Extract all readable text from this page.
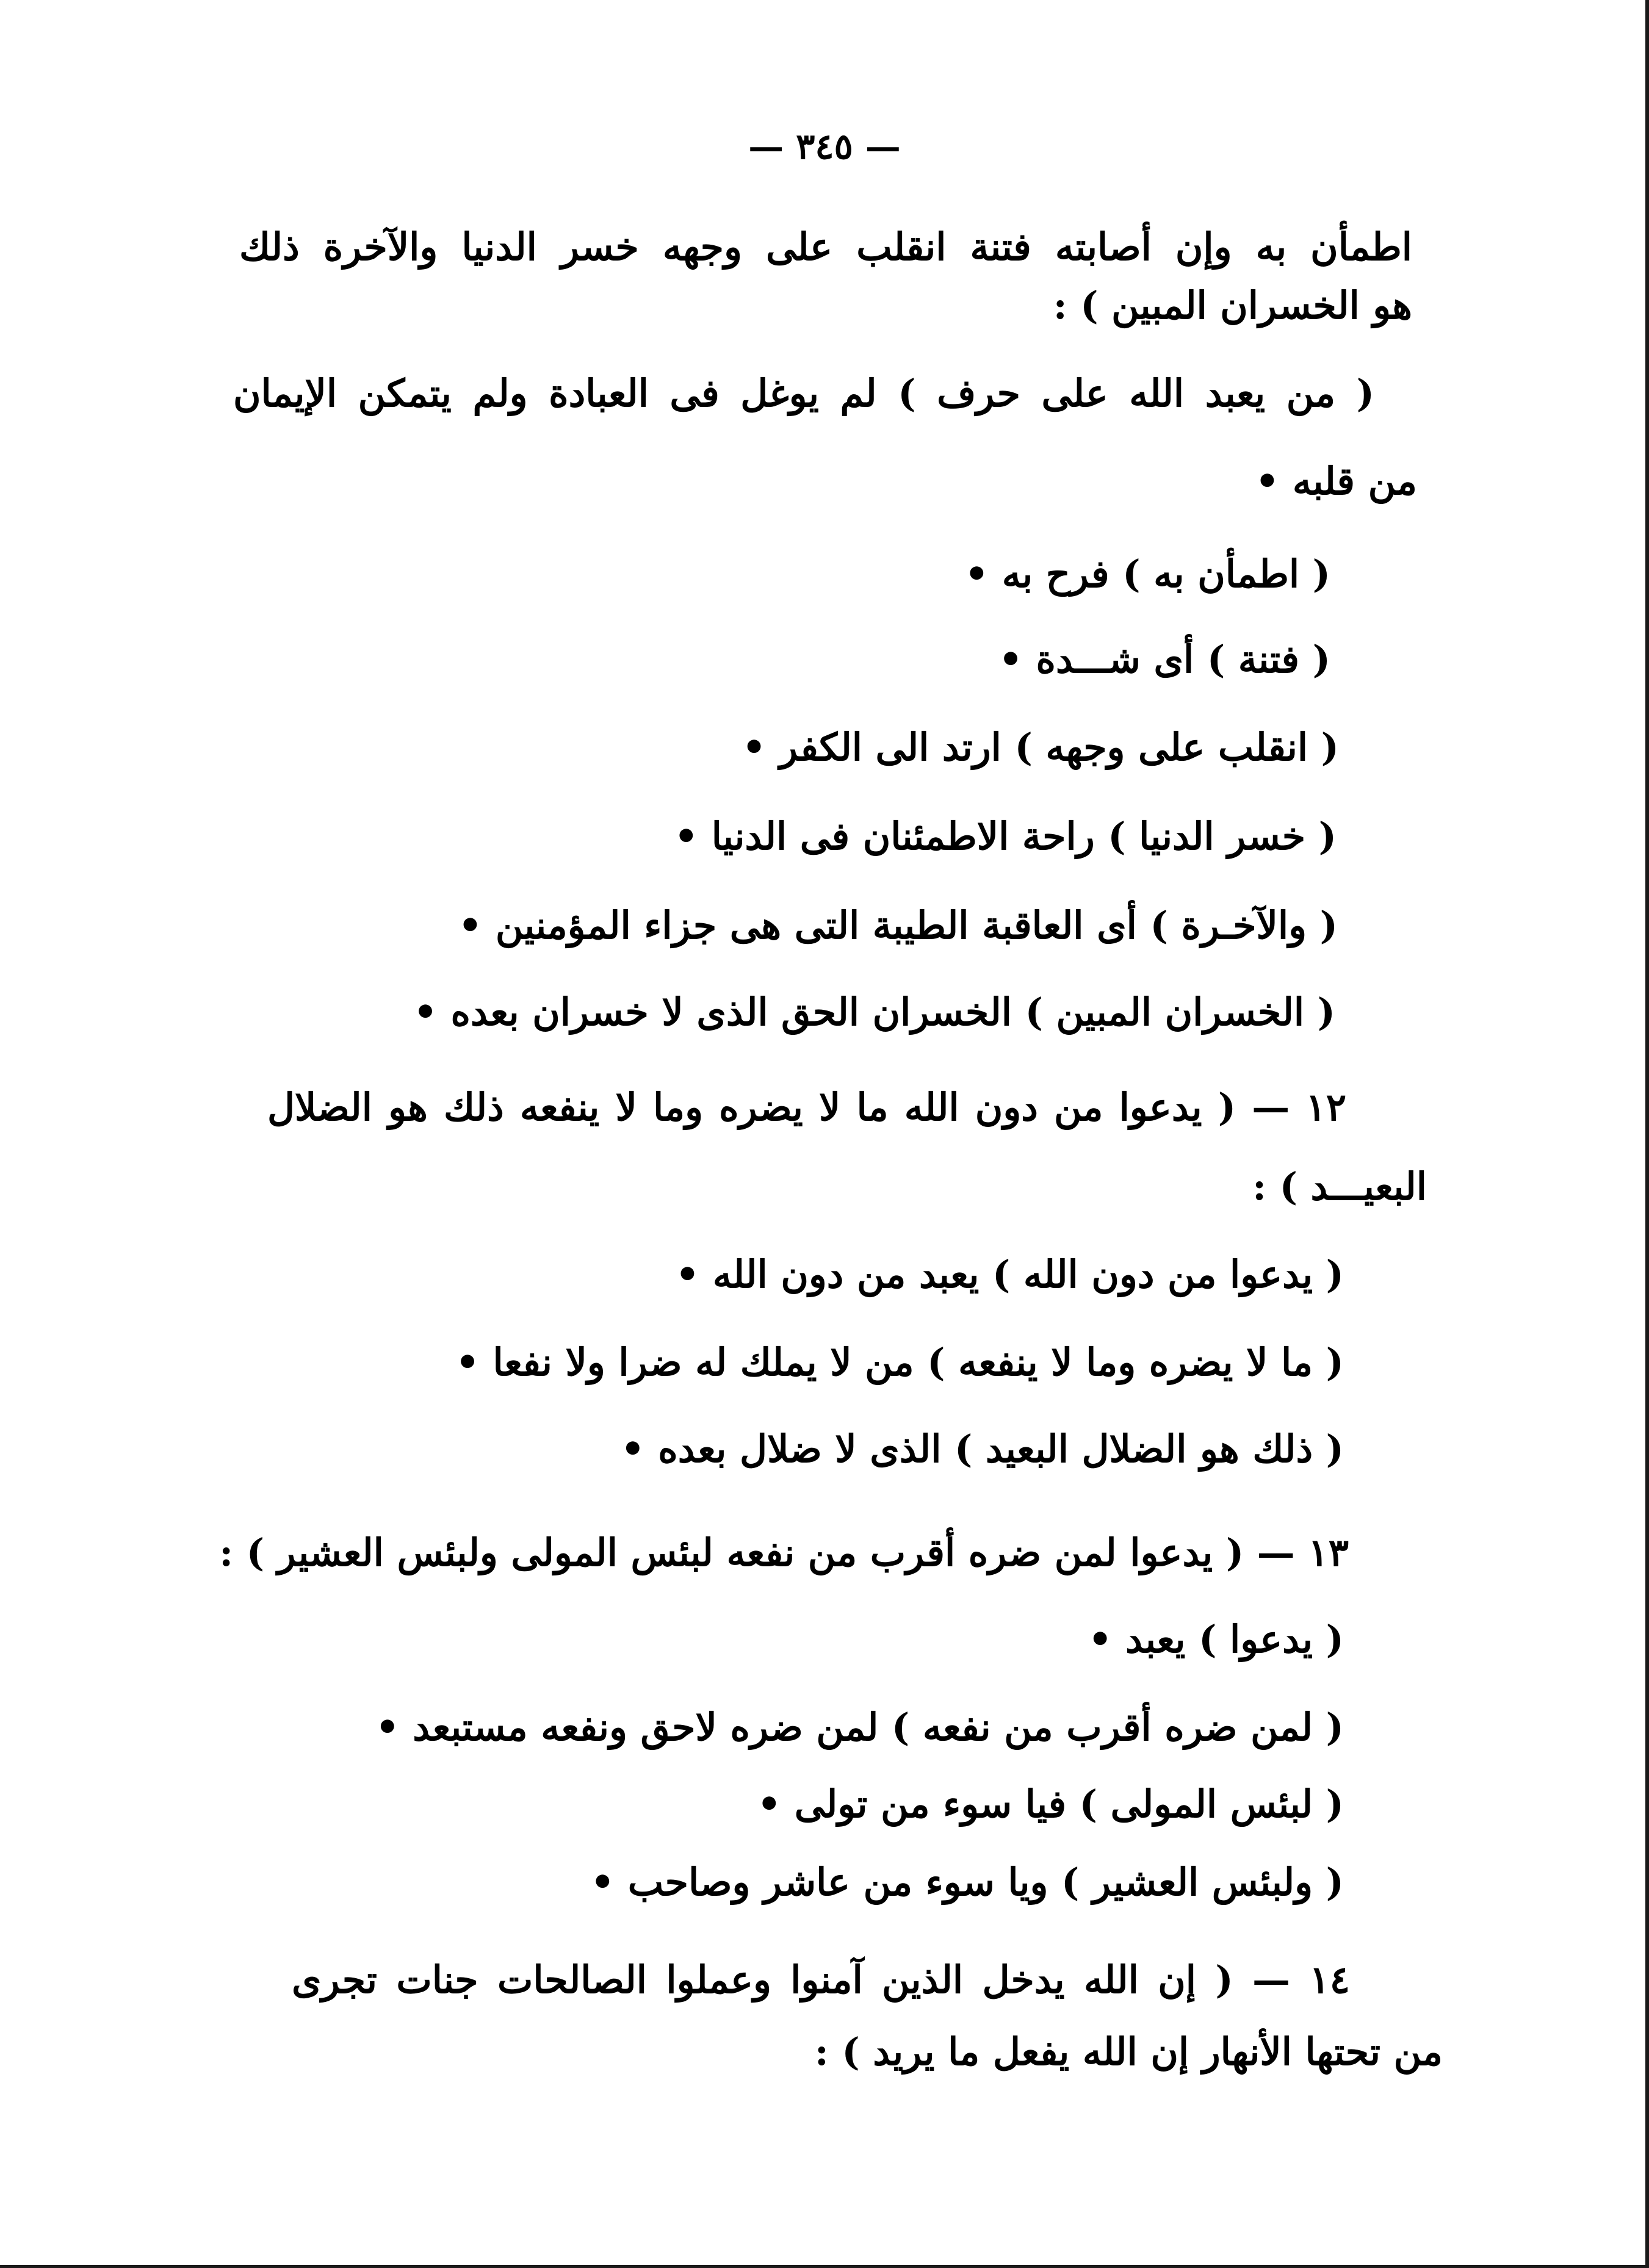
— ٣٤٥ —
اطمأن به وإن أصابته فتنة انقلب على وجهه خسر الدنيا والآخرة ذلك
هو الخسران المبين ) :
( من يعبد الله على حرف ) لم يوغل فى العبادة ولم يتمكن الإيمان
من قلبه •
( اطمأن به ) فرح به •
( فتنة ) أى شـــدة •
( انقلب على وجهه ) ارتد الى الكفر •
( خسر الدنيا ) راحة الاطمئنان فى الدنيا •
( والآخـرة ) أى العاقبة الطيبة التى هى جزاء المؤمنين •
( الخسران المبين ) الخسران الحق الذى لا خسران بعده •
١٢ — ( يدعوا من دون الله ما لا يضره وما لا ينفعه ذلك هو الضلال
البعيـــد ) :
( يدعوا من دون الله ) يعبد من دون الله •
( ما لا يضره وما لا ينفعه ) من لا يملك له ضرا ولا نفعا •
( ذلك هو الضلال البعيد ) الذى لا ضلال بعده •
١٣ — ( يدعوا لمن ضره أقرب من نفعه لبئس المولى ولبئس العشير ) :
( يدعوا ) يعبد •
( لمن ضره أقرب من نفعه ) لمن ضره لاحق ونفعه مستبعد •
( لبئس المولى ) فيا سوء من تولى •
( ولبئس العشير ) ويا سوء من عاشر وصاحب •
١٤ — ( إن الله يدخل الذين آمنوا وعملوا الصالحات جنات تجرى
من تحتها الأنهار إن الله يفعل ما يريد ) :
